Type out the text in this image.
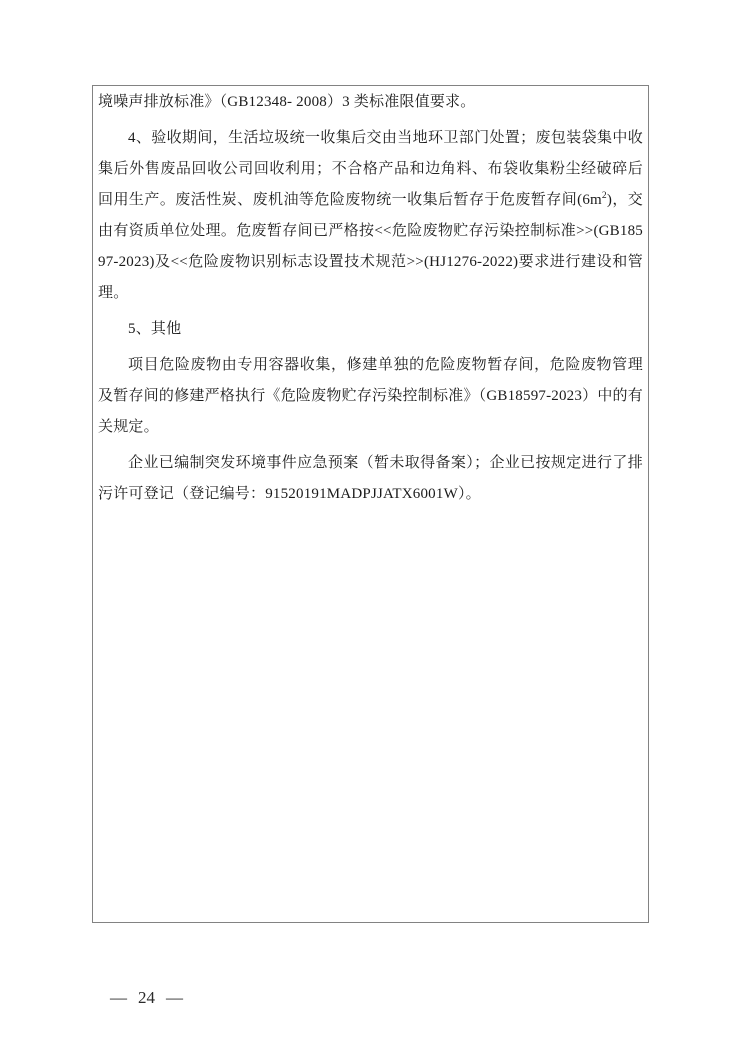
境噪声排放标准》（GB12348- 2008）3 类标准限值要求。

4、验收期间，生活垃圾统一收集后交由当地环卫部门处置；废包装袋集中收集后外售废品回收公司回收利用；不合格产品和边角料、布袋收集粉尘经破碎后回用生产。废活性炭、废机油等危险废物统一收集后暂存于危废暂存间$(6m^2)$，交由有资质单位处理。危废暂存间已严格按<<危险废物贮存污染控制标准>>(GB18597-2023)及<<危险废物识别标志设置技术规范>>(HJ1276-2022)要求进行建设和管理。

5、其他

项目危险废物由专用容器收集，修建单独的危险废物暂存间，危险废物管理及暂存间的修建严格执行《危险废物贮存污染控制标准》（GB18597-2023）中的有关规定。

企业已编制突发环境事件应急预案（暂未取得备案）；企业已按规定进行了排污许可登记（登记编号：91520191MADPJJATX6001W）。

— 24 —
